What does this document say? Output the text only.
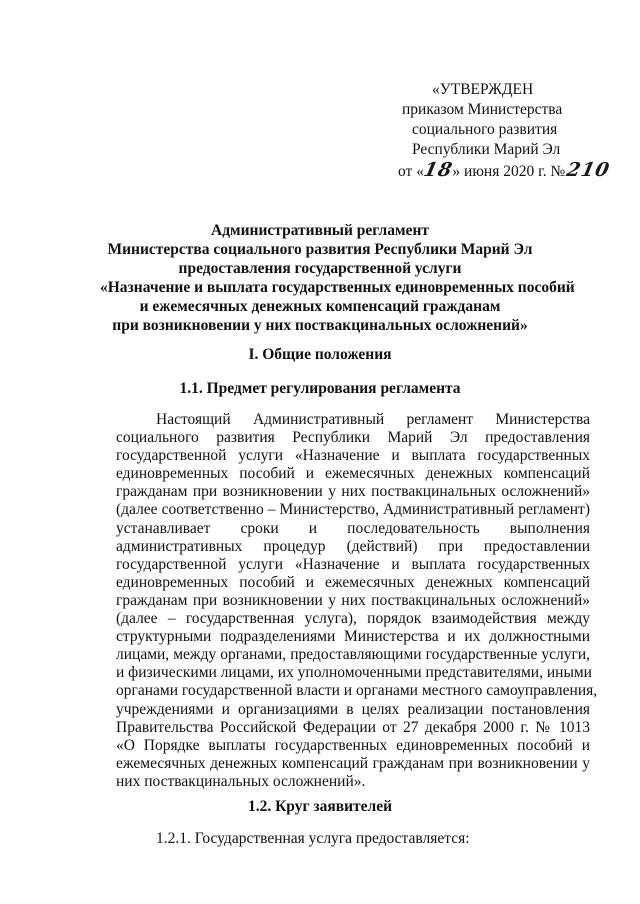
«УТВЕРЖДЕН
приказом Министерства
социального развития
Республики Марий Эл
от «18» июня 2020 г. №210
Административный регламент
Министерства социального развития Республики Марий Эл
предоставления государственной услуги
«Назначение и выплата государственных единовременных пособий
и ежемесячных денежных компенсаций гражданам
при возникновении у них поствакцинальных осложнений»
I. Общие положения
1.1. Предмет регулирования регламента
Настоящий Административный регламент Министерства
социального развития Республики Марий Эл предоставления
государственной услуги «Назначение и выплата государственных
единовременных пособий и ежемесячных денежных компенсаций
гражданам при возникновении у них поствакцинальных осложнений»
(далее соответственно – Министерство, Административный регламент)
устанавливает сроки и последовательность выполнения
административных процедур (действий) при предоставлении
государственной услуги «Назначение и выплата государственных
единовременных пособий и ежемесячных денежных компенсаций
гражданам при возникновении у них поствакцинальных осложнений»
(далее – государственная услуга), порядок взаимодействия между
структурными подразделениями Министерства и их должностными
лицами, между органами, предоставляющими государственные услуги,
и физическими лицами, их уполномоченными представителями, иными
органами государственной власти и органами местного самоуправления,
учреждениями и организациями в целях реализации постановления
Правительства Российской Федерации от 27 декабря 2000 г. № 1013
«О Порядке выплаты государственных единовременных пособий и
ежемесячных денежных компенсаций гражданам при возникновении у
них поствакцинальных осложнений».
1.2. Круг заявителей
1.2.1. Государственная услуга предоставляется:
